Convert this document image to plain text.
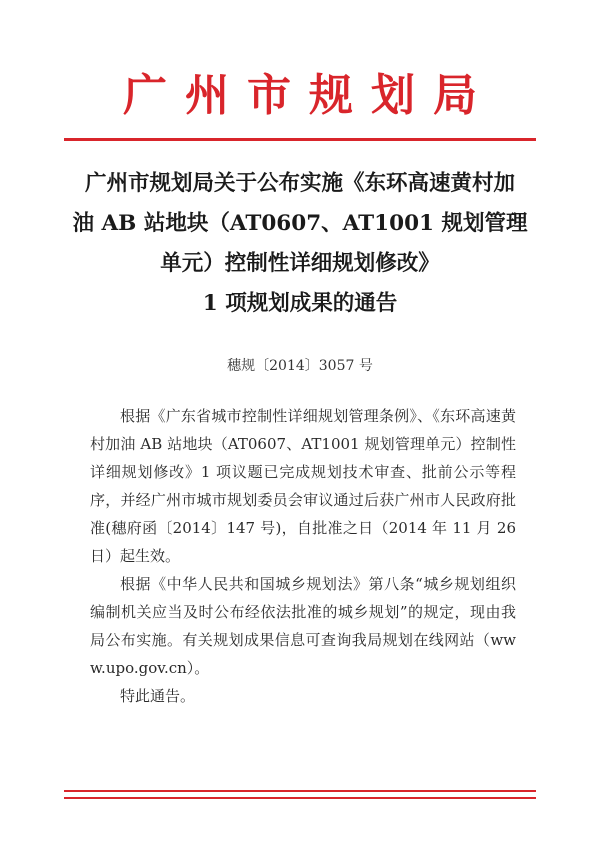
广州市规划局
广州市规划局关于公布实施《东环高速黄村加
油 AB 站地块（AT0607、AT1001 规划管理
单元）控制性详细规划修改》
1 项规划成果的通告
穗规〔2014〕3057 号

根据《广东省城市控制性详细规划管理条例》、《东环高速黄村加油 AB 站地块（AT0607、AT1001 规划管理单元）控制性详细规划修改》1 项议题已完成规划技术审查、批前公示等程序，并经广州市城市规划委员会审议通过后获广州市人民政府批准(穗府函〔2014〕147 号)，自批准之日（2014 年 11 月 26 日）起生效。

根据《中华人民共和国城乡规划法》第八条“城乡规划组织编制机关应当及时公布经依法批准的城乡规划”的规定，现由我局公布实施。有关规划成果信息可查询我局规划在线网站（www.upo.gov.cn）。

特此通告。
